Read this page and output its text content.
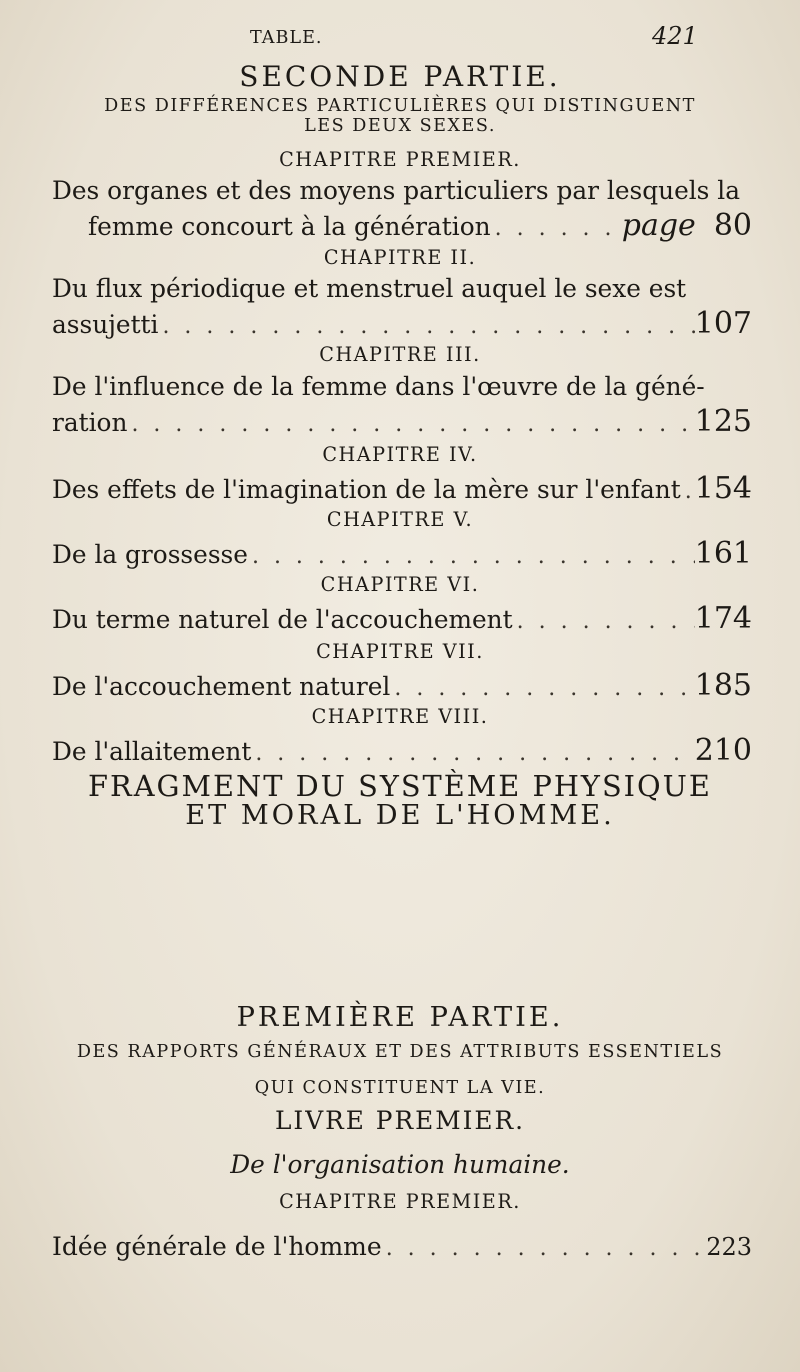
TABLE.	421
SECONDE PARTIE.
DES DIFFÉRENCES PARTICULIÈRES QUI DISTINGUENT
LES DEUX SEXES.
CHAPITRE PREMIER.
Des organes et des moyens particuliers par lesquels la
femme concourt à la génération . . .	page 80
CHAPITRE II.
Du flux périodique et menstruel auquel le sexe est
assujetti . . .	107
CHAPITRE III.
De l'influence de la femme dans l'œuvre de la géné-
ration . . .	125
CHAPITRE IV.
Des effets de l'imagination de la mère sur l'enfant . . . 154
CHAPITRE V.
De la grossesse . . .	161
CHAPITRE VI.
Du terme naturel de l'accouchement . . .	174
CHAPITRE VII.
De l'accouchement naturel . . .	185
CHAPITRE VIII.
De l'allaitement . . .	210
FRAGMENT DU SYSTÈME PHYSIQUE
ET MORAL DE L'HOMME.
PREMIÈRE PARTIE.
DES RAPPORTS GÉNÉRAUX ET DES ATTRIBUTS ESSENTIELS
QUI CONSTITUENT LA VIE.
LIVRE PREMIER.
De l'organisation humaine.
CHAPITRE PREMIER.
Idée générale de l'homme . . .	223
